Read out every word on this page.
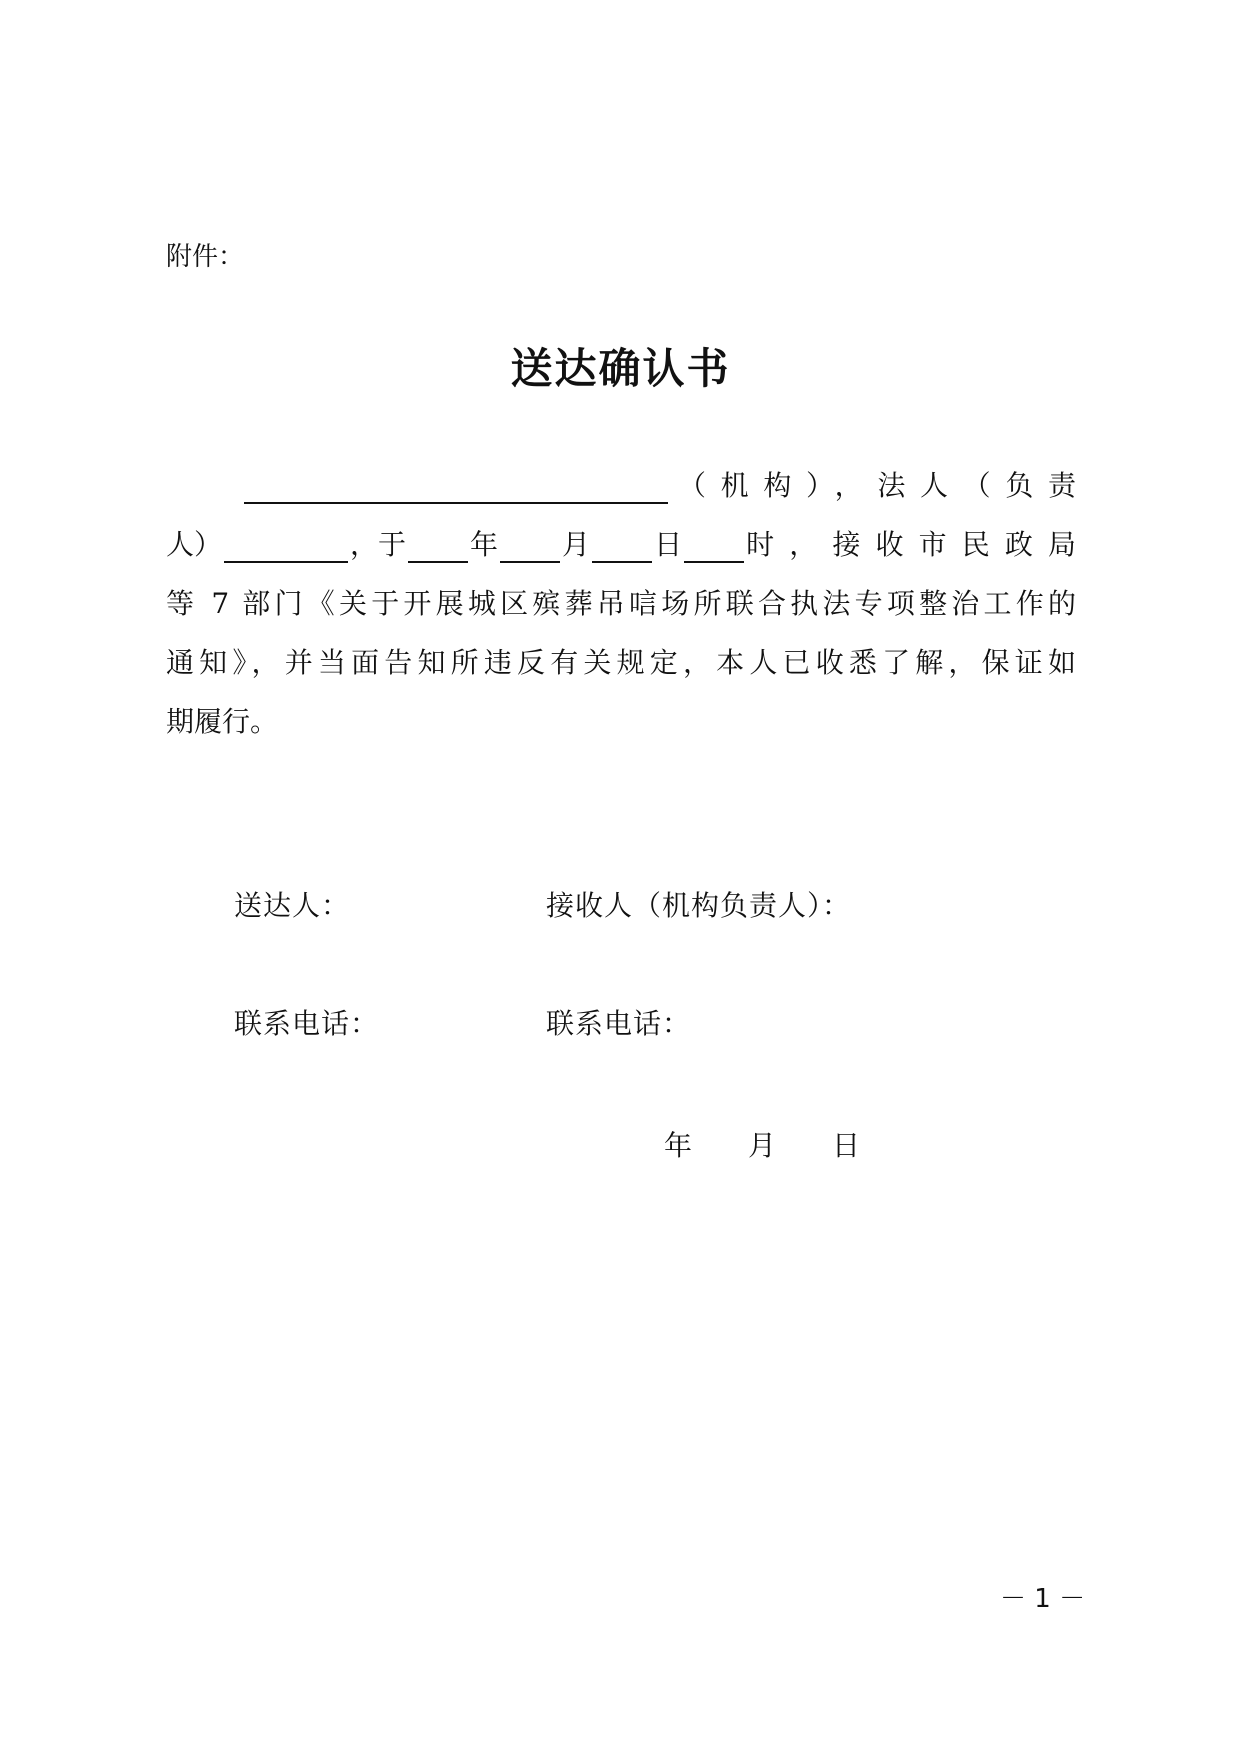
附件：
送达确认书
（机构），法人（负责
人）	，于 年 月 日 时，接收市民政局
等 7 部门《关于开展城区殡葬吊唁场所联合执法专项整治工作的
通知》，并当面告知所违反有关规定，本人已收悉了解，保证如
期履行。
送达人：	接收人（机构负责人）：
联系电话：	联系电话：
年 月 日
－ 1 －
